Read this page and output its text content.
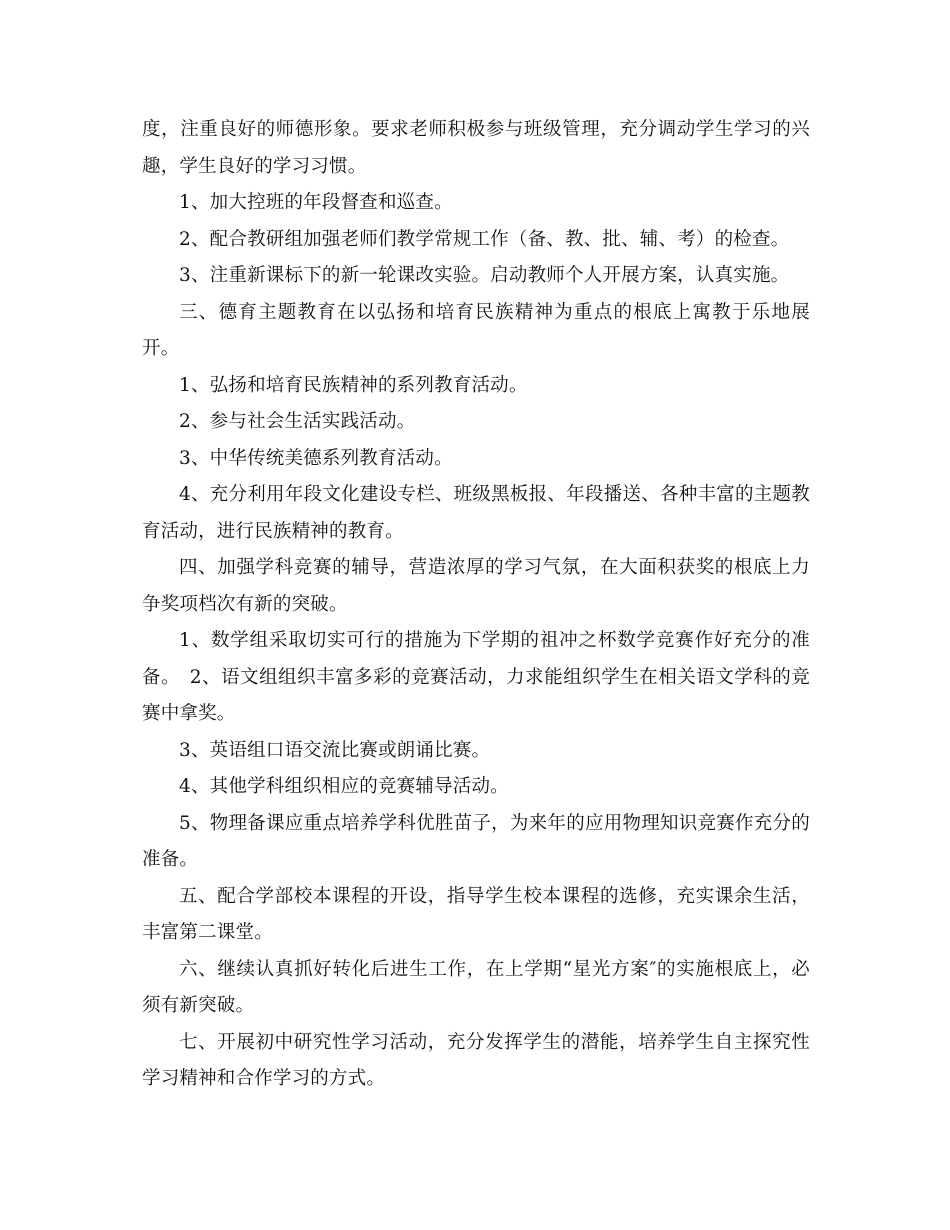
度，注重良好的师德形象。要求老师积极参与班级管理，充分调动学生学习的兴趣，学生良好的学习习惯。

1、加大控班的年段督查和巡查。

2、配合教研组加强老师们教学常规工作（备、教、批、辅、考）的检查。

3、注重新课标下的新一轮课改实验。启动教师个人开展方案，认真实施。

三、德育主题教育在以弘扬和培育民族精神为重点的根底上寓教于乐地展开。

1、弘扬和培育民族精神的系列教育活动。

2、参与社会生活实践活动。

3、中华传统美德系列教育活动。

4、充分利用年段文化建设专栏、班级黑板报、年段播送、各种丰富的主题教育活动，进行民族精神的教育。

四、加强学科竞赛的辅导，营造浓厚的学习气氛，在大面积获奖的根底上力争奖项档次有新的突破。

1、数学组采取切实可行的措施为下学期的祖冲之杯数学竞赛作好充分的准备。　2、语文组组织丰富多彩的竞赛活动，力求能组织学生在相关语文学科的竞赛中拿奖。

3、英语组口语交流比赛或朗诵比赛。

4、其他学科组织相应的竞赛辅导活动。

5、物理备课应重点培养学科优胜苗子，为来年的应用物理知识竞赛作充分的准备。

五、配合学部校本课程的开设，指导学生校本课程的选修，充实课余生活，丰富第二课堂。

六、继续认真抓好转化后进生工作，在上学期“星光方案″的实施根底上，必须有新突破。

七、开展初中研究性学习活动，充分发挥学生的潜能，培养学生自主探究性学习精神和合作学习的方式。
